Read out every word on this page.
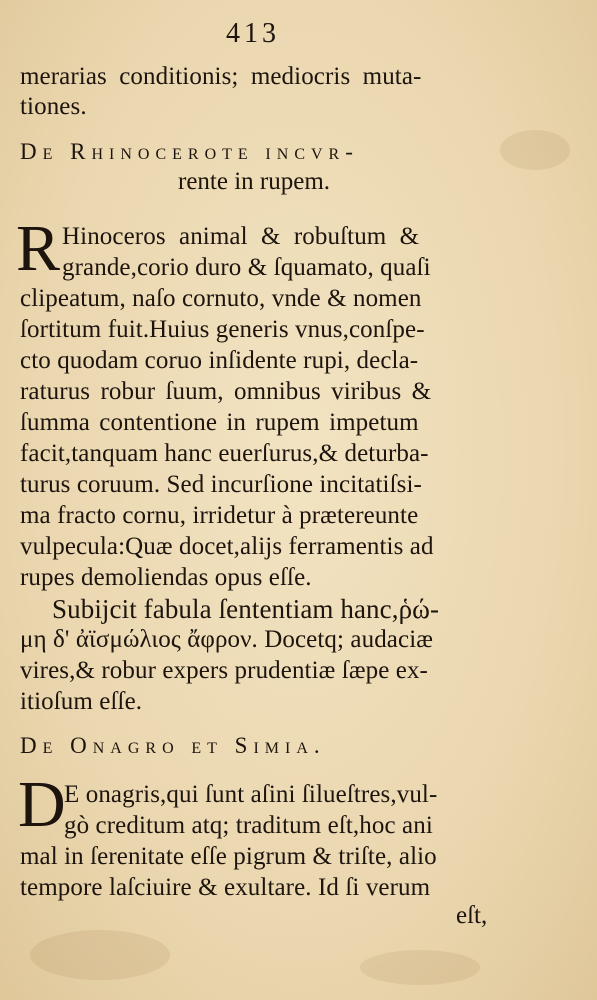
413
merarias conditionis; mediocris muta-
tiones.
De Rhinocerote incvr-
rente in rupem.
R Hinoceros animal & robuſtum &
grande,corio duro & ſquamato, quaſi
clipeatum, naſo cornuto, vnde & nomen
ſortitum fuit.Huius generis vnus,conſpe-
cto quodam coruo inſidente rupi, decla-
raturus robur ſuum, omnibus viribus &
ſumma contentione in rupem impetum
facit,tanquam hanc euerſurus,& deturba-
turus coruum. Sed incurſione incitatiſsi-
ma fracto cornu, irridetur à prætereunte
vulpecula:Quæ docet,alijs ferramentis ad
rupes demoliendas opus eſſe.
Subijcit fabula ſententiam hanc,ῥώ-
μη δ' ἀϊσμώλιος ἄφρον. Docetq; audaciæ
vires,& robur expers prudentiæ ſæpe ex-
itioſum eſſe.
De Onagro et Simia.
D
E onagris,qui ſunt aſini ſilueſtres,vul-
gò creditum atq; traditum eſt,hoc ani
mal in ſerenitate eſſe pigrum & triſte, alio
tempore laſciuire & exultare. Id ſi verum
eſt,
